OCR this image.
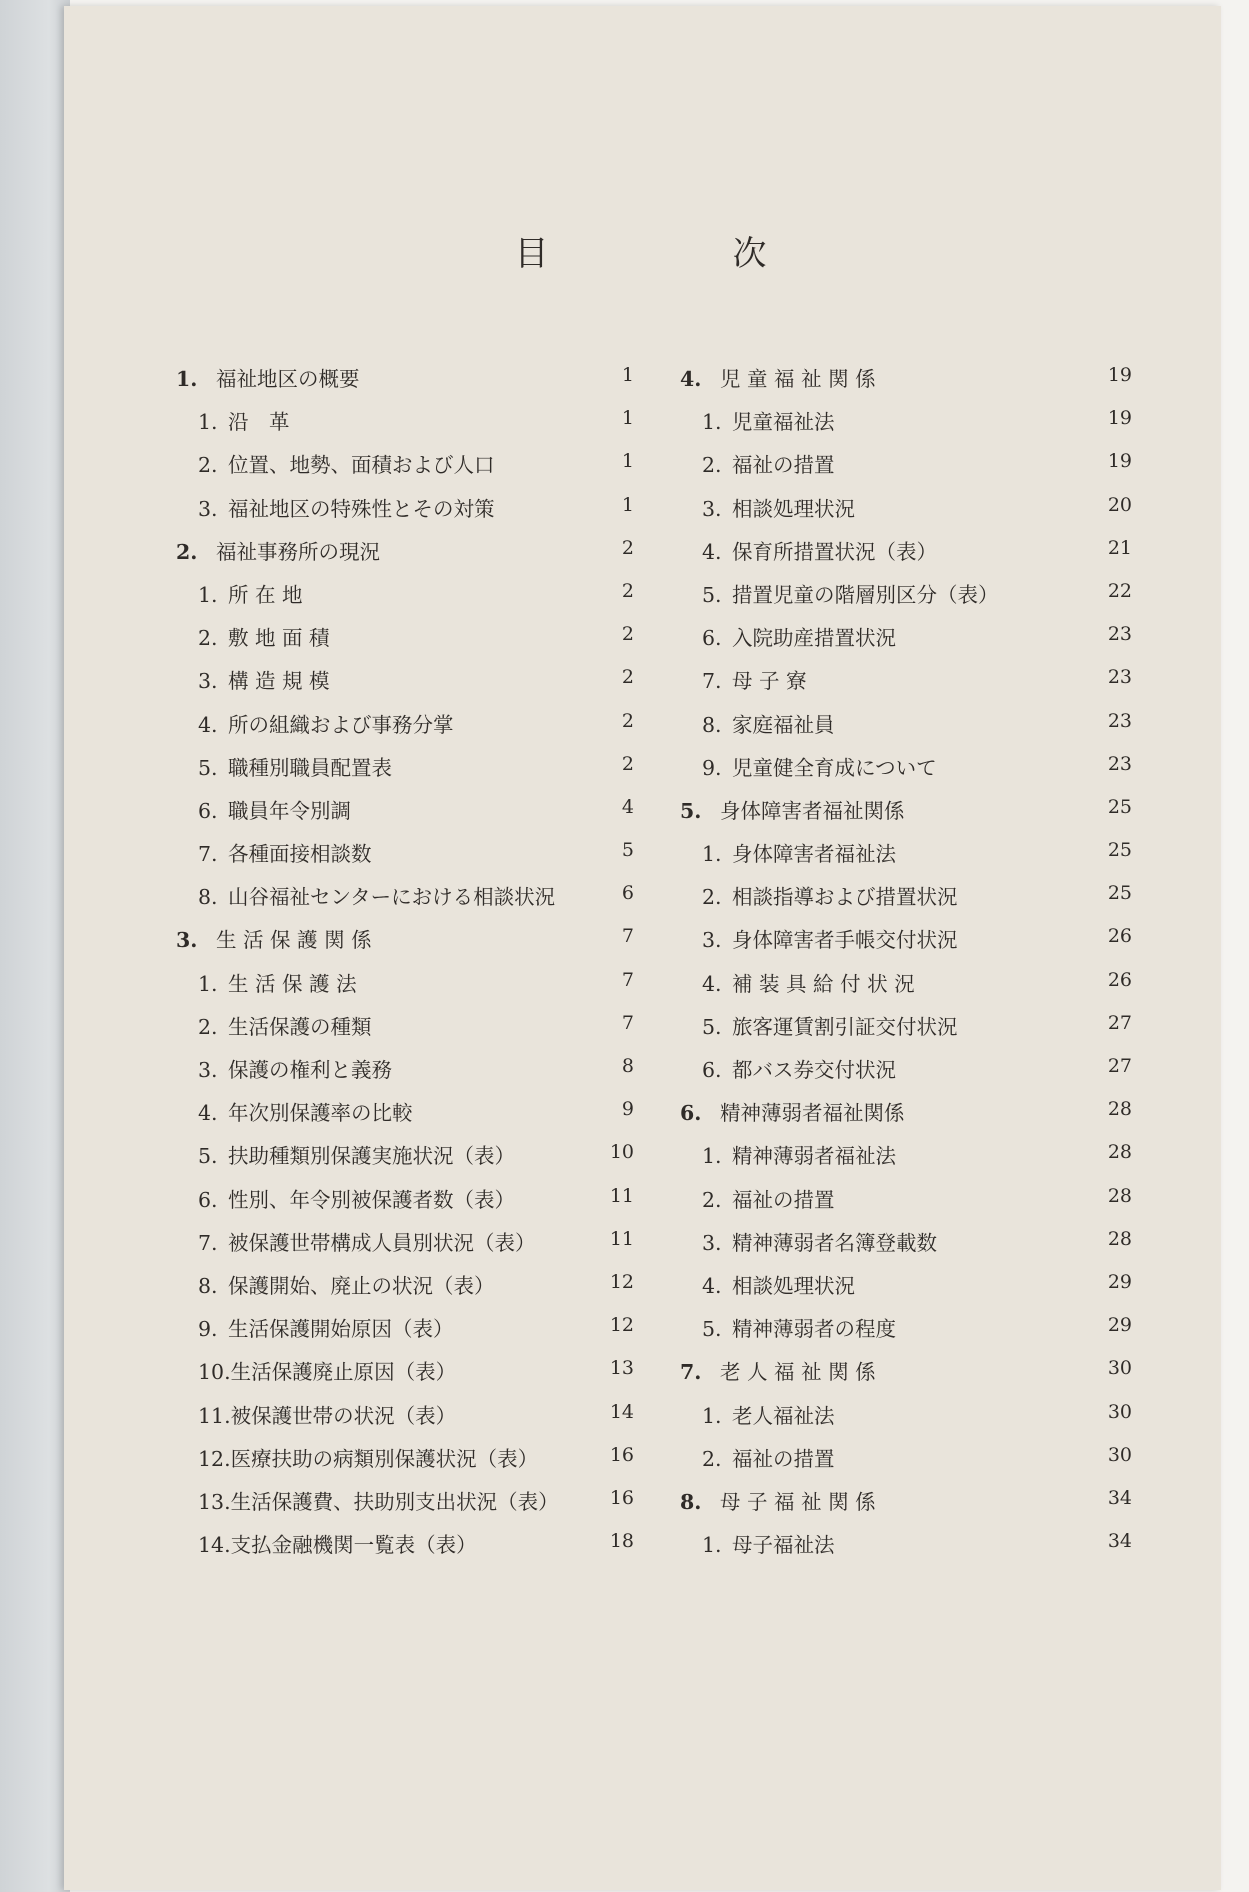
目	次
1. 福祉地区の概要	1
1. 沿　革	1
2. 位置、地勢、面積および人口	1
3. 福祉地区の特殊性とその対策	1
2. 福祉事務所の現況	2
1. 所 在 地	2
2. 敷 地 面 積	2
3. 構 造 規 模	2
4. 所の組織および事務分掌	2
5. 職種別職員配置表	2
6. 職員年令別調	4
7. 各種面接相談数	5
8. 山谷福祉センターにおける相談状況	6
3. 生 活 保 護 関 係	7
1. 生 活 保 護 法	7
2. 生活保護の種類	7
3. 保護の権利と義務	8
4. 年次別保護率の比較	9
5. 扶助種類別保護実施状況（表）	10
6. 性別、年令別被保護者数（表）	11
7. 被保護世帯構成人員別状況（表）	11
8. 保護開始、廃止の状況（表）	12
9. 生活保護開始原因（表）	12
10.生活保護廃止原因（表）	13
11.被保護世帯の状況（表）	14
12.医療扶助の病類別保護状況（表）	16
13.生活保護費、扶助別支出状況（表）	16
14.支払金融機関一覧表（表）	18
4. 児 童 福 祉 関 係	19
1. 児童福祉法	19
2. 福祉の措置	19
3. 相談処理状況	20
4. 保育所措置状況（表）	21
5. 措置児童の階層別区分（表）	22
6. 入院助産措置状況	23
7. 母 子 寮	23
8. 家庭福祉員	23
9. 児童健全育成について	23
5. 身体障害者福祉関係	25
1. 身体障害者福祉法	25
2. 相談指導および措置状況	25
3. 身体障害者手帳交付状況	26
4. 補 装 具 給 付 状 況	26
5. 旅客運賃割引証交付状況	27
6. 都バス券交付状況	27
6. 精神薄弱者福祉関係	28
1. 精神薄弱者福祉法	28
2. 福祉の措置	28
3. 精神薄弱者名簿登載数	28
4. 相談処理状況	29
5. 精神薄弱者の程度	29
7. 老 人 福 祉 関 係	30
1. 老人福祉法	30
2. 福祉の措置	30
8. 母 子 福 祉 関 係	34
1. 母子福祉法	34
